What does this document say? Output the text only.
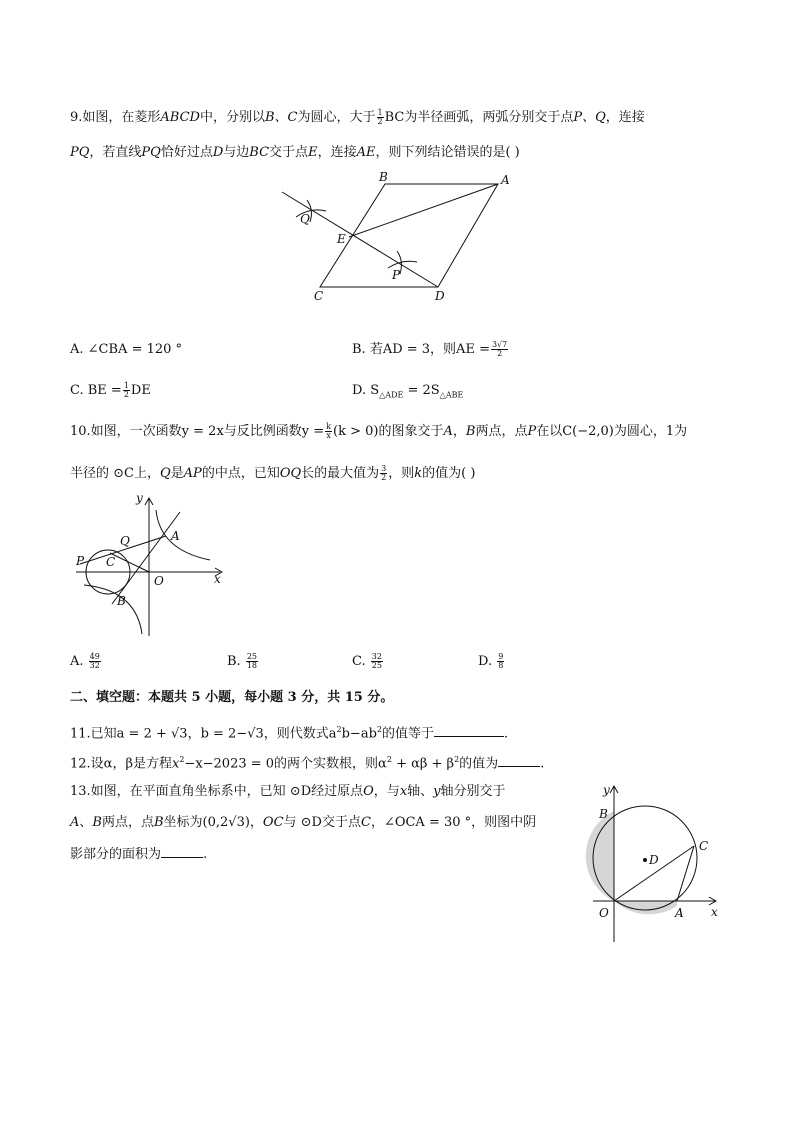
9.如图，在菱形ABCD中，分别以B、C为圆心，大于 $\frac{1}{2}$ BC为半径画弧，两弧分别交于点P、Q，连接
PQ，若直线PQ恰好过点D与边BC交于点E，连接AE，则下列结论错误的是( )
B	A
Q
E
P
C	D
A. ∠CBA = 120 °	B. 若AD = 3，则AE = $\frac{3√7}{2}$
C. BE = $\frac{1}{2}$ DE	D. $S_{\triangle ADE} = 2S_{\triangle ABE}$
10.如图，一次函数y = 2x与反比例函数$y = \frac{k}{x} (k > 0)$的图象交于A，B两点，点P在以C(−2,0)为圆心，1为
半径的 ⊙C上，Q是AP的中点，已知OQ长的最大值为 $\frac{3}{2}$ ，则k的值为( )
y
x
Q	A
P C
O
B
A. $\frac{49}{32}$	B. $\frac{25}{18}$	C. $\frac{32}{25}$	D. $\frac{9}{8}$
二、填空题：本题共 5 小题，每小题 3 分，共 15 分。
11.已知a = 2 + √3，b = 2−√3，则代数式$a^2b-ab^2$的值等于	.
12.设α，β是方程$x^2-x-2023 = 0$的两个实数根，则$\alpha^2 + \alpha\beta + \beta^2$的值为	.
13.如图，在平面直角坐标系中，已知 ⊙D经过原点O，与x轴、y轴分别交于
A、B两点，点B坐标为(0,2√3)，OC与 ⊙D交于点C，∠OCA = 30 °，则图中阴
影部分的面积为	.
y
x
B
C
D
O	A
